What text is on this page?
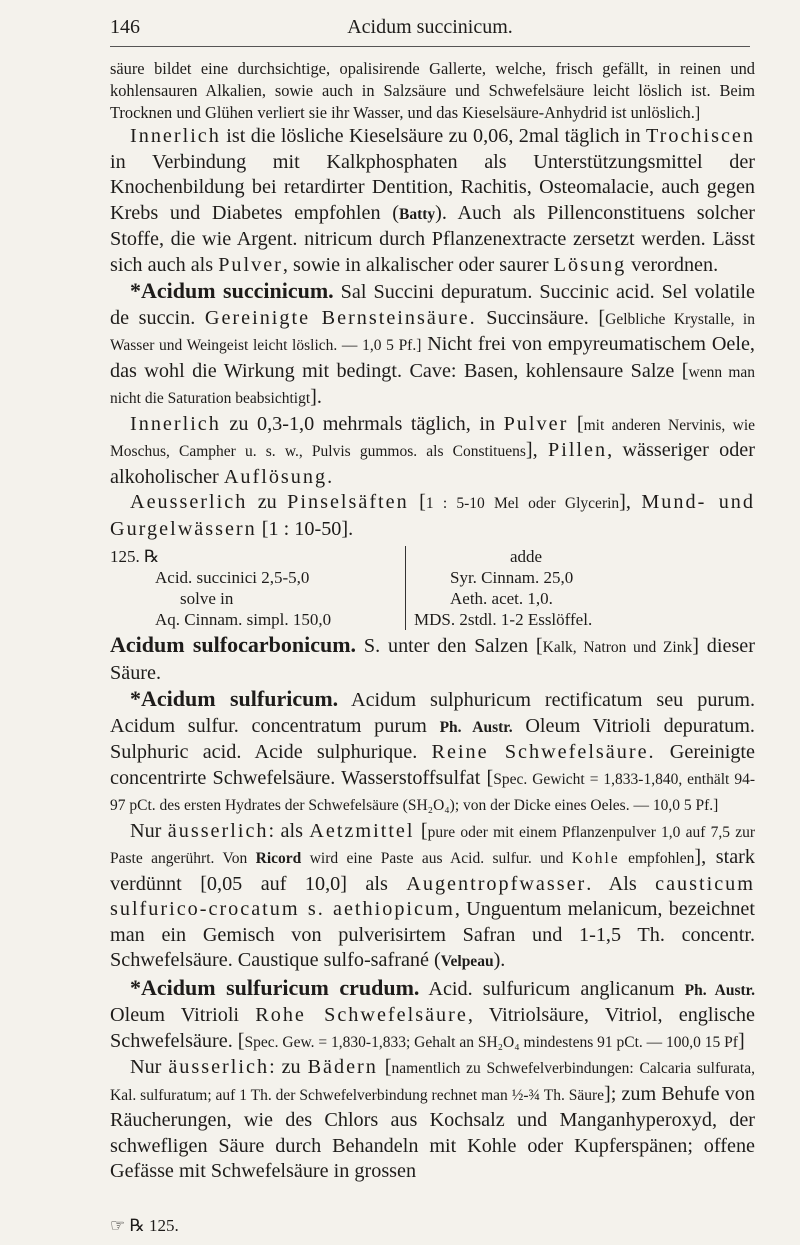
146	Acidum succinicum.

säure bildet eine durchsichtige, opalisirende Gallerte, welche, frisch gefällt, in reinen und kohlensauren Alkalien, sowie auch in Salzsäure und Schwefelsäure leicht löslich ist. Beim Trocknen und Glühen verliert sie ihr Wasser, und das Kieselsäure-Anhydrid ist unlöslich.]

Innerlich ist die lösliche Kieselsäure zu 0,06, 2mal täglich in Trochiscen in Verbindung mit Kalkphosphaten als Unterstützungsmittel der Knochenbildung bei retardirter Dentition, Rachitis, Osteomalacie, auch gegen Krebs und Diabetes empfohlen (Batty). Auch als Pillenconstituens solcher Stoffe, die wie Argent. nitricum durch Pflanzenextracte zersetzt werden. Lässt sich auch als Pulver, sowie in alkalischer oder saurer Lösung verordnen.

*Acidum succinicum. Sal Succini depuratum. Succinic acid. Sel volatile de succin. Gereinigte Bernsteinsäure. Succinsäure. [Gelbliche Krystalle, in Wasser und Weingeist leicht löslich. — 1,0 5 Pf.] Nicht frei von empyreumatischem Oele, das wohl die Wirkung mit bedingt. Cave: Basen, kohlensaure Salze [wenn man nicht die Saturation beabsichtigt].

Innerlich zu 0,3-1,0 mehrmals täglich, in Pulver [mit anderen Nervinis, wie Moschus, Campher u. s. w., Pulvis gummos. als Constituens], Pillen, wässeriger oder alkoholischer Auflösung.

Aeusserlich zu Pinselsäften [1 : 5-10 Mel oder Glycerin], Mund- und Gurgelwässern [1 : 10-50].

125. ℞
Acid. succinici 2,5-5,0
solve in
Aq. Cinnam. simpl. 150,0
adde
Syr. Cinnam. 25,0
Aeth. acet. 1,0.
MDS. 2stdl. 1-2 Esslöffel.

Acidum sulfocarbonicum. S. unter den Salzen [Kalk, Natron und Zink] dieser Säure.

*Acidum sulfuricum. Acidum sulphuricum rectificatum seu purum. Acidum sulfur. concentratum purum Ph. Austr. Oleum Vitrioli depuratum. Sulphuric acid. Acide sulphurique. Reine Schwefelsäure. Gereinigte concentrirte Schwefelsäure. Wasserstoffsulfat [Spec. Gewicht = 1,833-1,840, enthält 94-97 pCt. des ersten Hydrates der Schwefelsäure (SH₂O₄); von der Dicke eines Oeles. — 10,0 5 Pf.]

Nur äusserlich: als Aetzmittel [pure oder mit einem Pflanzenpulver 1,0 auf 7,5 zur Paste angerührt. Von Ricord wird eine Paste aus Acid. sulfur. und Kohle empfohlen], stark verdünnt [0,05 auf 10,0] als Augentropfwasser. Als causticum sulfurico-crocatum s. aethiopicum, Unguentum melanicum, bezeichnet man ein Gemisch von pulverisirtem Safran und 1-1,5 Th. concentr. Schwefelsäure. Caustique sulfo-safrané (Velpeau).

*Acidum sulfuricum crudum. Acid. sulfuricum anglicanum Ph. Austr. Oleum Vitrioli Rohe Schwefelsäure, Vitriolsäure, Vitriol, englische Schwefelsäure. [Spec. Gew. = 1,830-1,833; Gehalt an SH₂O₄ mindestens 91 pCt. — 100,0 15 Pf]

Nur äusserlich: zu Bädern [namentlich zu Schwefelverbindungen: Calcaria sulfurata, Kal. sulfuratum; auf 1 Th. der Schwefelverbindung rechnet man ½-¾ Th. Säure]; zum Behufe von Räucherungen, wie des Chlors aus Kochsalz und Manganhyperoxyd, der schwefligen Säure durch Behandeln mit Kohle oder Kupferspänen; offene Gefässe mit Schwefelsäure in grossen

☞ ℞ 125.
